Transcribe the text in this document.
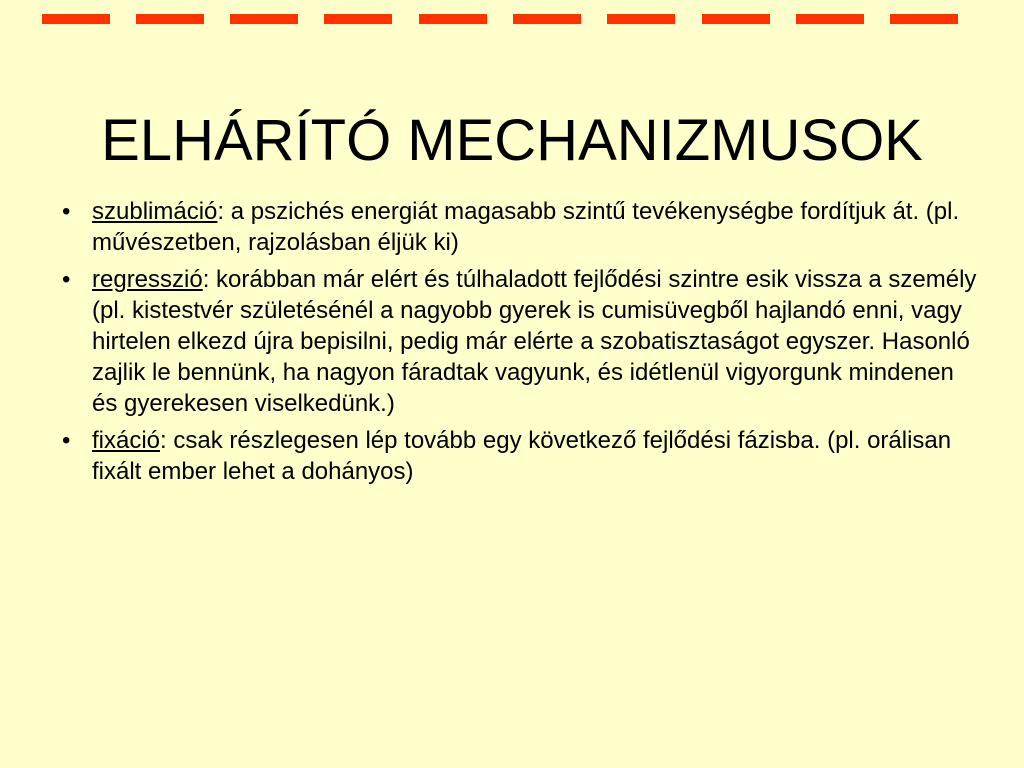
ELHÁRÍTÓ MECHANIZMUSOK
• szublimáció: a pszichés energiát magasabb szintű tevékenységbe fordítjuk át. (pl. művészetben, rajzolásban éljük ki)
• regresszió: korábban már elért és túlhaladott fejlődési szintre esik vissza a személy (pl. kistestvér születésénél a nagyobb gyerek is cumisüvegből hajlandó enni, vagy hirtelen elkezd újra bepisilni, pedig már elérte a szobatisztaságot egyszer. Hasonló zajlik le bennünk, ha nagyon fáradtak vagyunk, és idétlenül vigyorgunk mindenen és gyerekesen viselkedünk.)
• fixáció: csak részlegesen lép tovább egy következő fejlődési fázisba. (pl. orálisan fixált ember lehet a dohányos)
